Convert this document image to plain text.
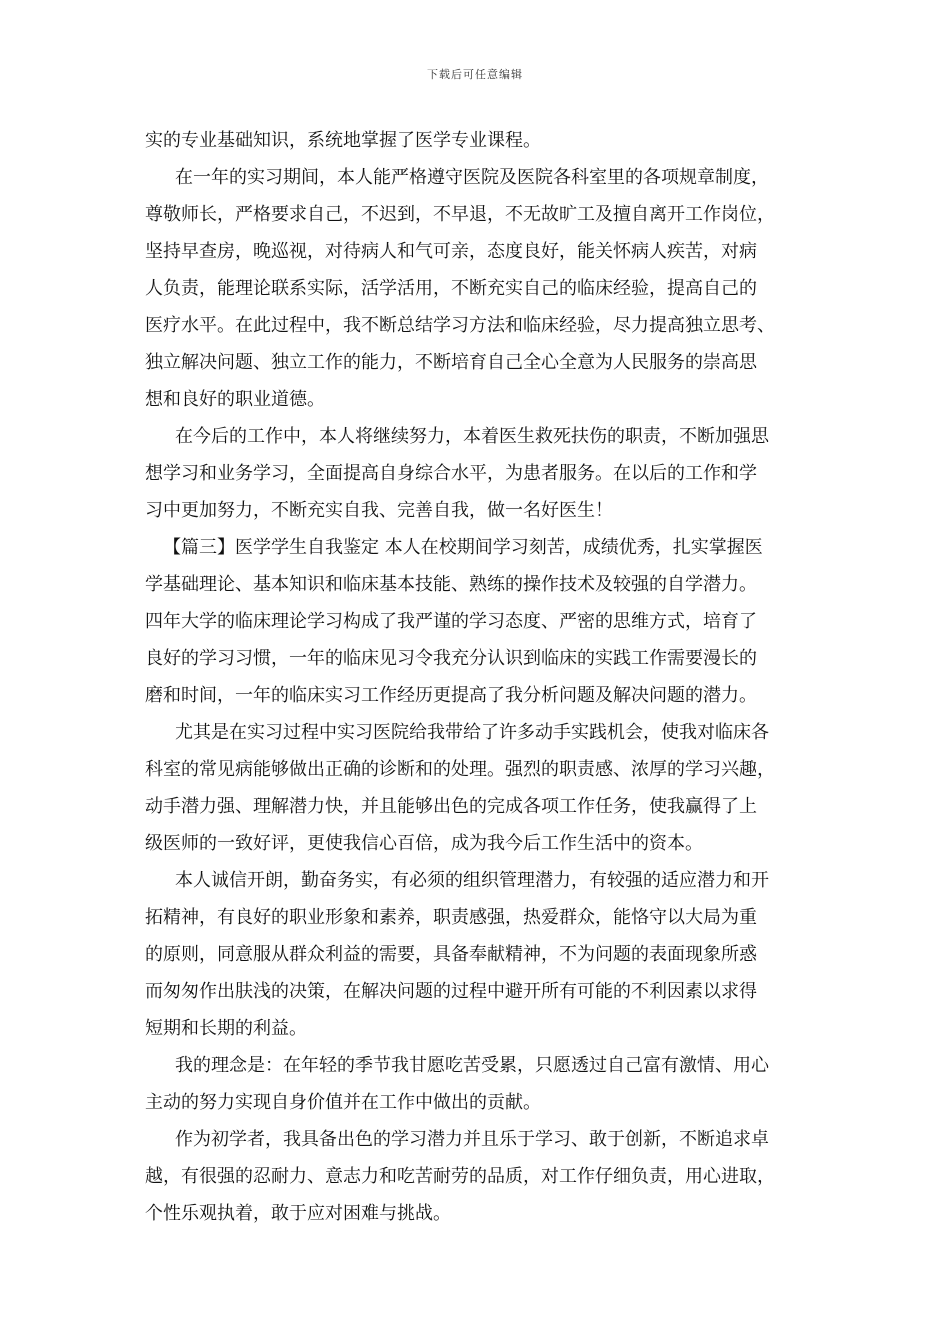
下载后可任意编辑
实的专业基础知识，系统地掌握了医学专业课程。
在一年的实习期间，本人能严格遵守医院及医院各科室里的各项规章制度，
尊敬师长，严格要求自己，不迟到，不早退，不无故旷工及擅自离开工作岗位，
坚持早查房，晚巡视，对待病人和气可亲，态度良好，能关怀病人疾苦，对病
人负责，能理论联系实际，活学活用，不断充实自己的临床经验，提高自己的
医疗水平。在此过程中，我不断总结学习方法和临床经验，尽力提高独立思考、
独立解决问题、独立工作的能力，不断培育自己全心全意为人民服务的崇高思
想和良好的职业道德。
在今后的工作中，本人将继续努力，本着医生救死扶伤的职责，不断加强思
想学习和业务学习，全面提高自身综合水平，为患者服务。在以后的工作和学
习中更加努力，不断充实自我、完善自我，做一名好医生！
【篇三】医学学生自我鉴定 本人在校期间学习刻苦，成绩优秀，扎实掌握医
学基础理论、基本知识和临床基本技能、熟练的操作技术及较强的自学潜力。
四年大学的临床理论学习构成了我严谨的学习态度、严密的思维方式，培育了
良好的学习习惯，一年的临床见习令我充分认识到临床的实践工作需要漫长的
磨和时间，一年的临床实习工作经历更提高了我分析问题及解决问题的潜力。
尤其是在实习过程中实习医院给我带给了许多动手实践机会，使我对临床各
科室的常见病能够做出正确的诊断和的处理。强烈的职责感、浓厚的学习兴趣，
动手潜力强、理解潜力快，并且能够出色的完成各项工作任务，使我赢得了上
级医师的一致好评，更使我信心百倍，成为我今后工作生活中的资本。
本人诚信开朗，勤奋务实，有必须的组织管理潜力，有较强的适应潜力和开
拓精神，有良好的职业形象和素养，职责感强，热爱群众，能恪守以大局为重
的原则，同意服从群众利益的需要，具备奉献精神，不为问题的表面现象所惑
而匆匆作出肤浅的决策，在解决问题的过程中避开所有可能的不利因素以求得
短期和长期的利益。
我的理念是：在年轻的季节我甘愿吃苦受累，只愿透过自己富有激情、用心
主动的努力实现自身价值并在工作中做出的贡献。
作为初学者，我具备出色的学习潜力并且乐于学习、敢于创新，不断追求卓
越，有很强的忍耐力、意志力和吃苦耐劳的品质，对工作仔细负责，用心进取，
个性乐观执着，敢于应对困难与挑战。
